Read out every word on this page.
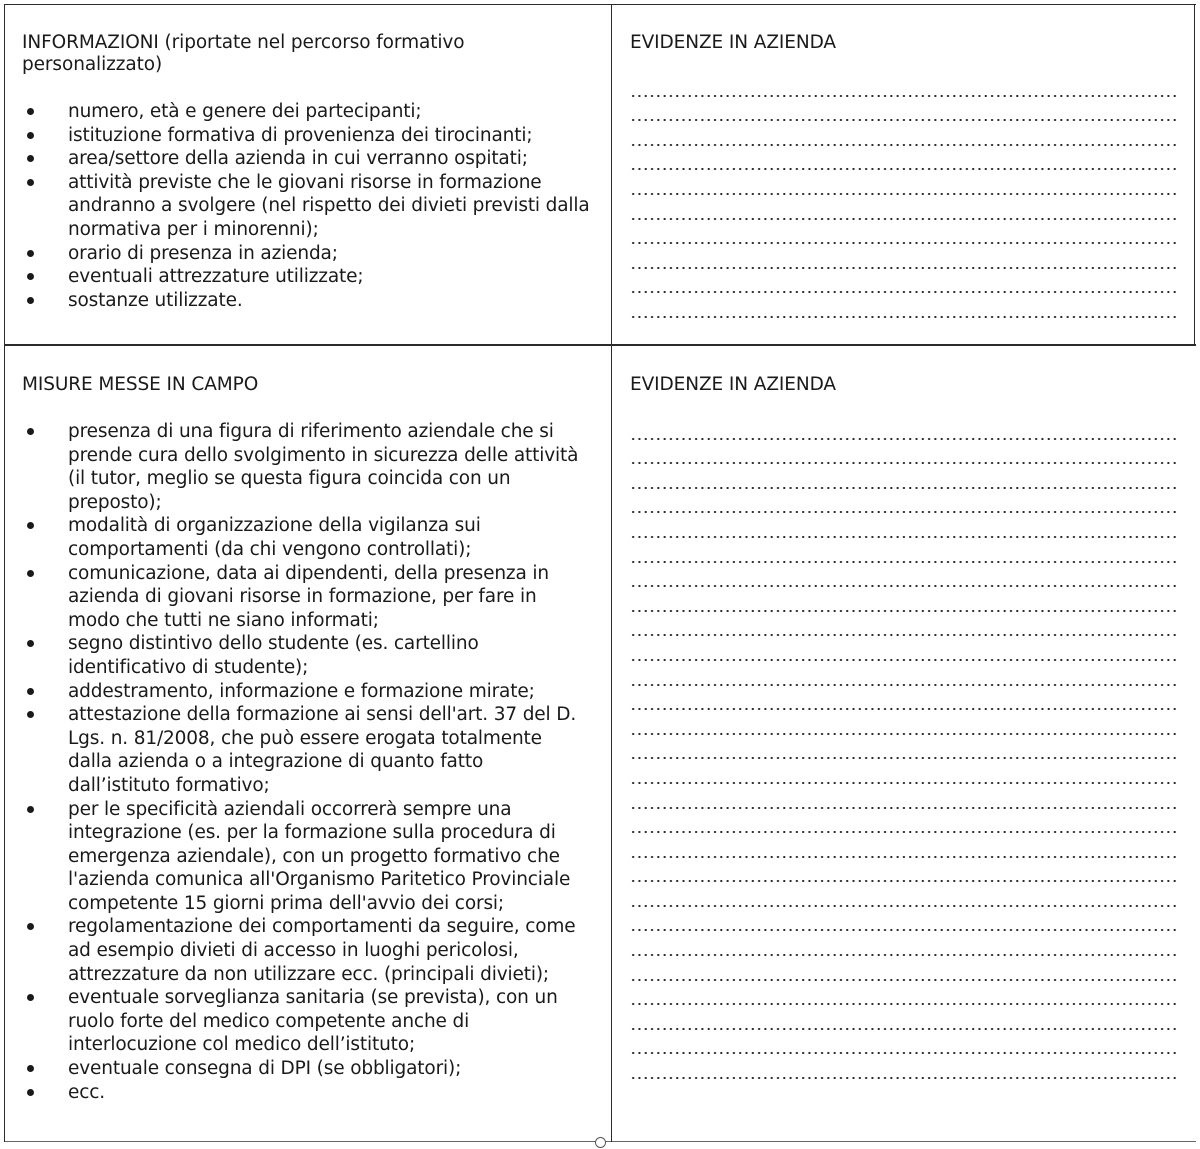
INFORMAZIONI (riportate nel percorso formativo personalizzato)

numero, età e genere dei partecipanti;
istituzione formativa di provenienza dei tirocinanti;
area/settore della azienda in cui verranno ospitati;
attività previste che le giovani risorse in formazione andranno a svolgere (nel rispetto dei divieti previsti dalla normativa per i minorenni);
orario di presenza in azienda;
eventuali attrezzature utilizzate;
sostanze utilizzate.

EVIDENZE IN AZIENDA

MISURE MESSE IN CAMPO

presenza di una figura di riferimento aziendale che si prende cura dello svolgimento in sicurezza delle attività (il tutor, meglio se questa figura coincida con un preposto);
modalità di organizzazione della vigilanza sui comportamenti (da chi vengono controllati);
comunicazione, data ai dipendenti, della presenza in azienda di giovani risorse in formazione, per fare in modo che tutti ne siano informati;
segno distintivo dello studente (es. cartellino identificativo di studente);
addestramento, informazione e formazione mirate;
attestazione della formazione ai sensi dell'art. 37 del D. Lgs. n. 81/2008, che può essere erogata totalmente dalla azienda o a integrazione di quanto fatto dall’istituto formativo;
per le specificità aziendali occorrerà sempre una integrazione (es. per la formazione sulla procedura di emergenza aziendale), con un progetto formativo che l'azienda comunica all'Organismo Paritetico Provinciale competente 15 giorni prima dell'avvio dei corsi;
regolamentazione dei comportamenti da seguire, come ad esempio divieti di accesso in luoghi pericolosi, attrezzature da non utilizzare ecc. (principali divieti);
eventuale sorveglianza sanitaria (se prevista), con un ruolo forte del medico competente anche di interlocuzione col medico dell’istituto;
eventuale consegna di DPI (se obbligatori);
ecc.

EVIDENZE IN AZIENDA
